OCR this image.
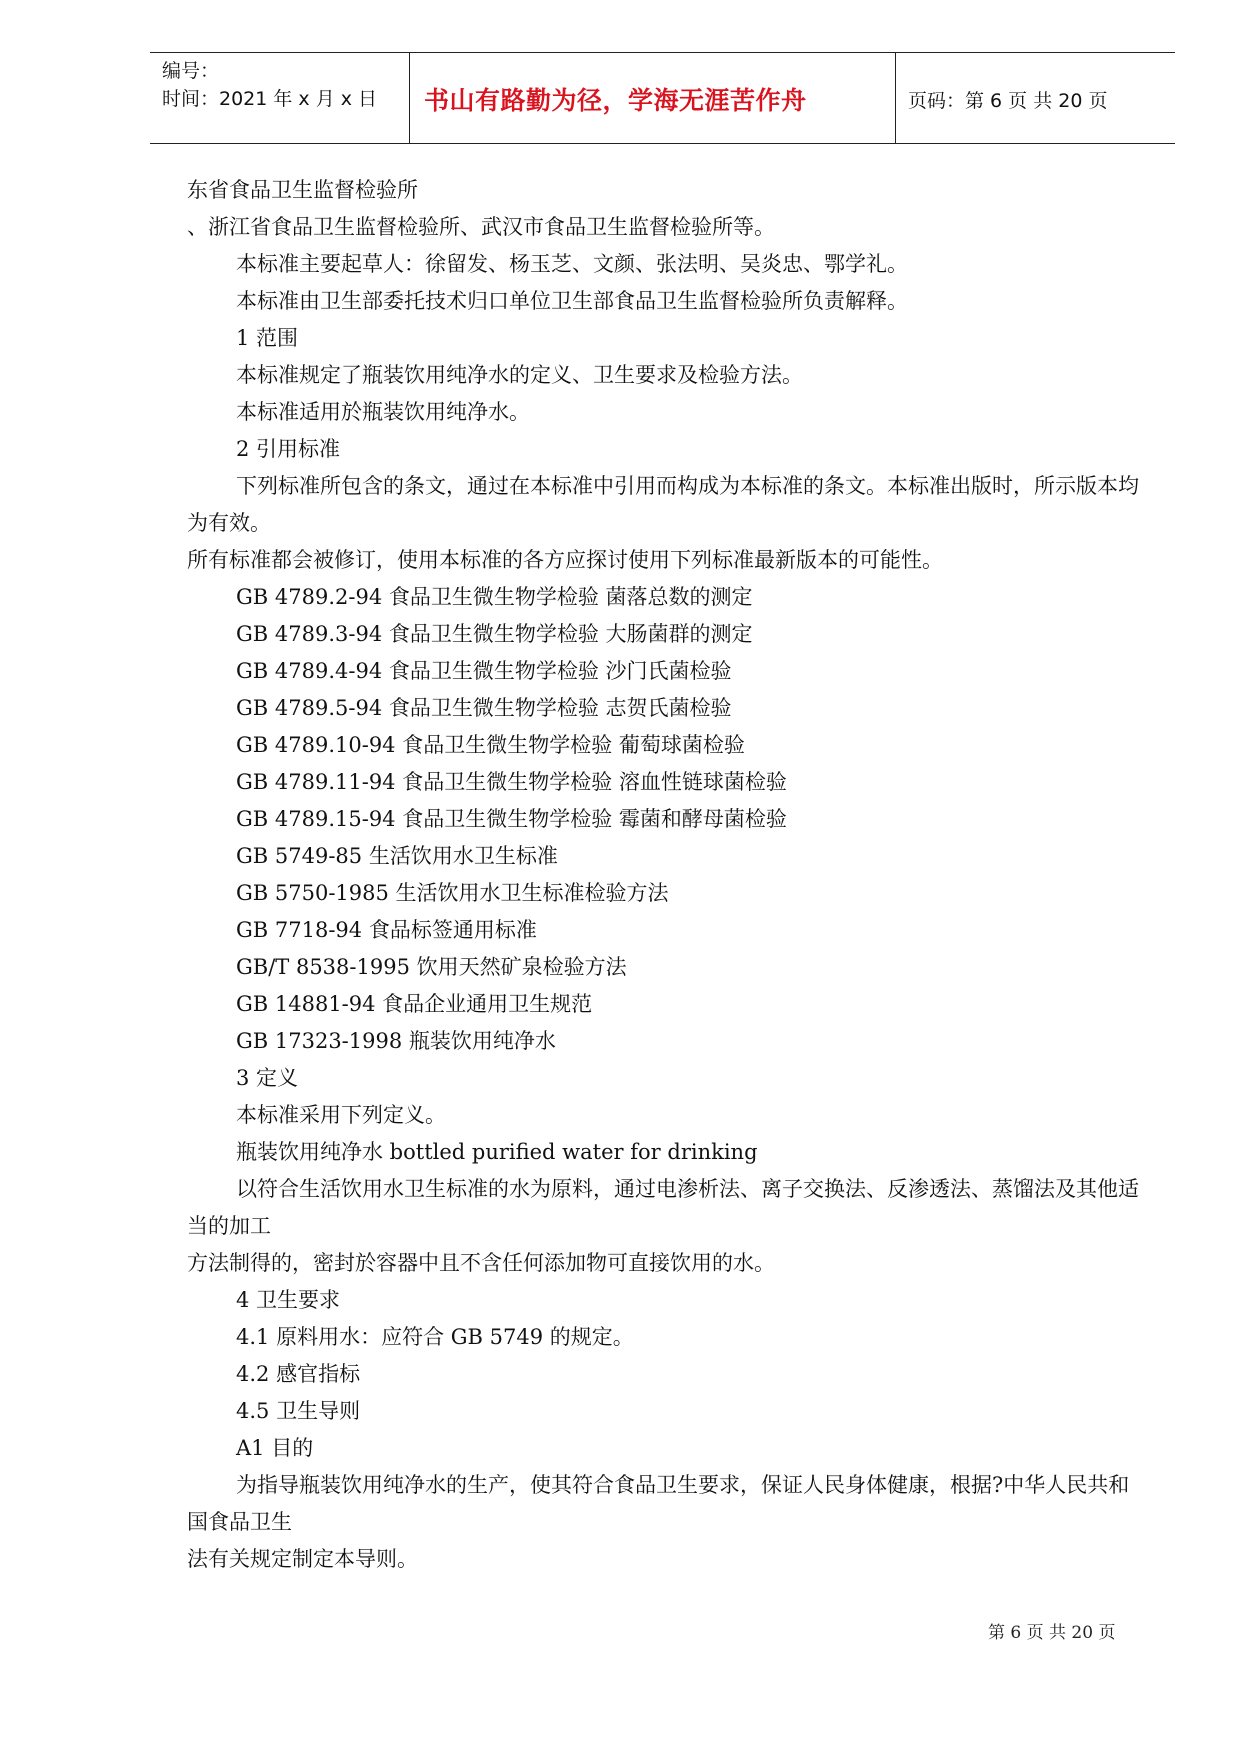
编号：
时间：2021 年 x 月 x 日	书山有路勤为径，学海无涯苦作舟	页码：第 6 页 共 20 页

东省食品卫生监督检验所

、浙江省食品卫生监督检验所、武汉市食品卫生监督检验所等。

本标准主要起草人：徐留发、杨玉芝、文颜、张法明、吴炎忠、鄂学礼。

本标准由卫生部委托技术归口单位卫生部食品卫生监督检验所负责解释。

1 范围

本标准规定了瓶装饮用纯净水的定义、卫生要求及检验方法。

本标准适用於瓶装饮用纯净水。

2 引用标准

下列标准所包含的条文，通过在本标准中引用而构成为本标准的条文。本标准出版时，所示版本均为有效。

所有标准都会被修订，使用本标准的各方应探讨使用下列标准最新版本的可能性。

GB 4789.2-94 食品卫生微生物学检验 菌落总数的测定

GB 4789.3-94 食品卫生微生物学检验 大肠菌群的测定

GB 4789.4-94 食品卫生微生物学检验 沙门氏菌检验

GB 4789.5-94 食品卫生微生物学检验 志贺氏菌检验

GB 4789.10-94 食品卫生微生物学检验 葡萄球菌检验

GB 4789.11-94 食品卫生微生物学检验 溶血性链球菌检验

GB 4789.15-94 食品卫生微生物学检验 霉菌和酵母菌检验

GB 5749-85 生活饮用水卫生标准

GB 5750-1985 生活饮用水卫生标准检验方法

GB 7718-94 食品标签通用标准

GB/T 8538-1995 饮用天然矿泉检验方法

GB 14881-94 食品企业通用卫生规范

GB 17323-1998 瓶装饮用纯净水

3 定义

本标准采用下列定义。

瓶装饮用纯净水 bottled purified water for drinking

以符合生活饮用水卫生标准的水为原料，通过电渗析法、离子交换法、反渗透法、蒸馏法及其他适当的加工

方法制得的，密封於容器中且不含任何添加物可直接饮用的水。

4 卫生要求

4.1 原料用水：应符合 GB 5749 的规定。

4.2 感官指标

4.5 卫生导则

A1 目的

为指导瓶装饮用纯净水的生产，使其符合食品卫生要求，保证人民身体健康，根据?中华人民共和国食品卫生

法有关规定制定本导则。

第 6 页 共 20 页
